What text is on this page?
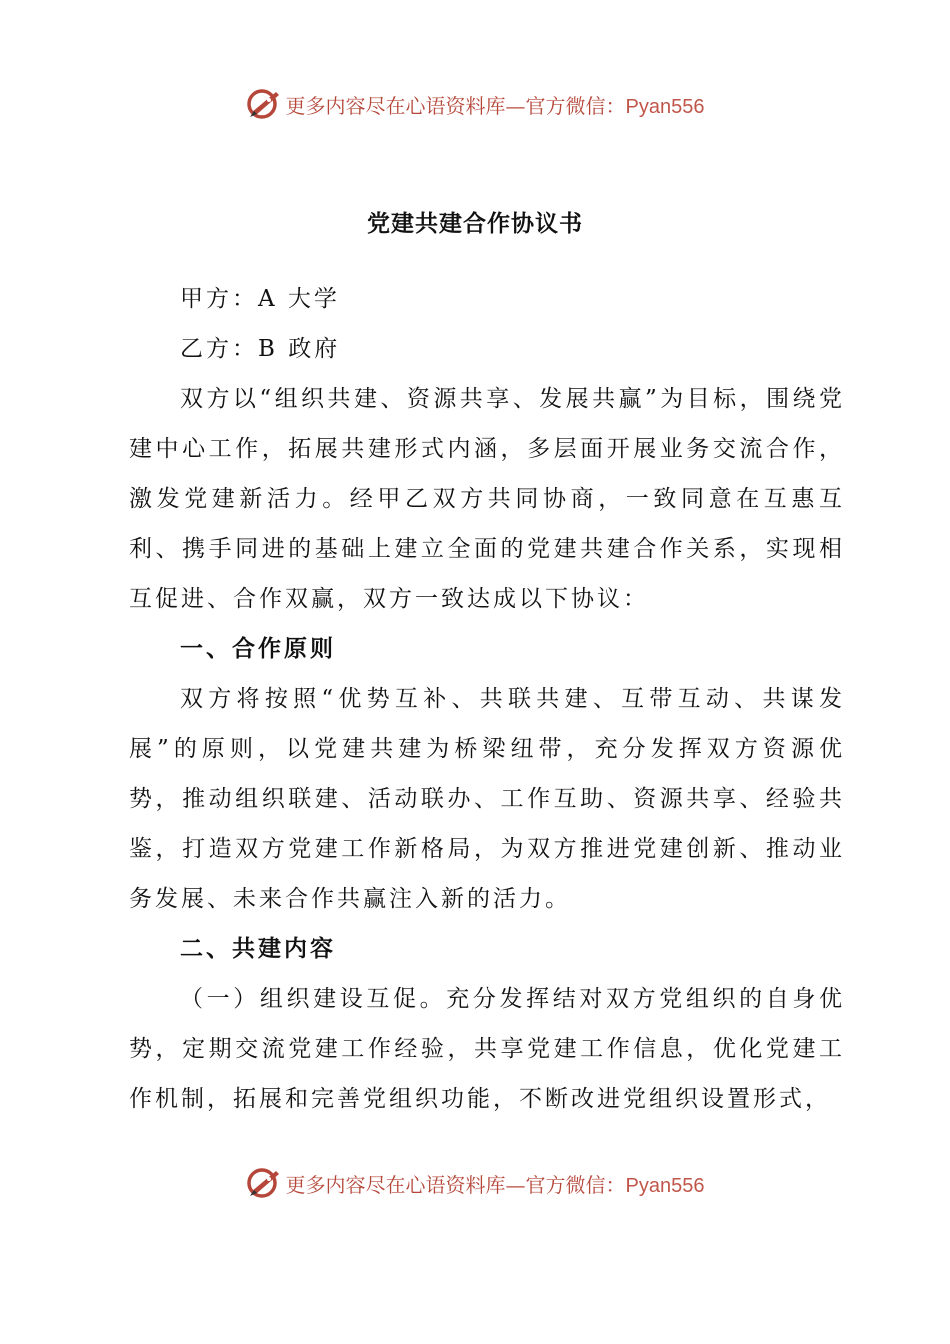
更多内容尽在心语资料库—官方微信：Pyan556
党建共建合作协议书

甲方：A 大学

乙方：B 政府

双方以“组织共建、资源共享、发展共赢”为目标，围绕党建中心工作，拓展共建形式内涵，多层面开展业务交流合作，激发党建新活力。经甲乙双方共同协商，一致同意在互惠互利、携手同进的基础上建立全面的党建共建合作关系，实现相互促进、合作双赢，双方一致达成以下协议：

一、合作原则

双方将按照“优势互补、共联共建、互带互动、共谋发展”的原则，以党建共建为桥梁纽带，充分发挥双方资源优势，推动组织联建、活动联办、工作互助、资源共享、经验共鉴，打造双方党建工作新格局，为双方推进党建创新、推动业务发展、未来合作共赢注入新的活力。

二、共建内容

（一）组织建设互促。充分发挥结对双方党组织的自身优势，定期交流党建工作经验，共享党建工作信息，优化党建工作机制，拓展和完善党组织功能，不断改进党组织设置形式，

更多内容尽在心语资料库—官方微信：Pyan556
